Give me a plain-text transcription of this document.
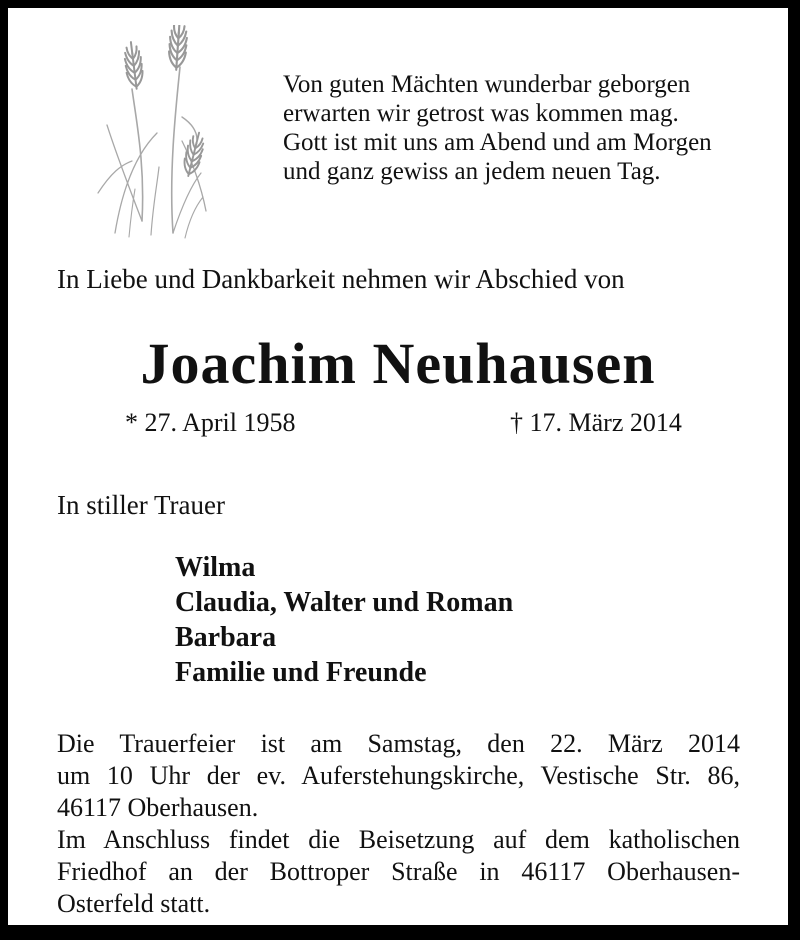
Von guten Mächten wunderbar geborgen
erwarten wir getrost was kommen mag.
Gott ist mit uns am Abend und am Morgen
und ganz gewiss an jedem neuen Tag.
In Liebe und Dankbarkeit nehmen wir Abschied von
Joachim Neuhausen
* 27. April 1958	† 17. März 2014
In stiller Trauer
Wilma
Claudia, Walter und Roman
Barbara
Familie und Freunde
Die Trauerfeier ist am Samstag, den 22. März 2014
um 10 Uhr der ev. Auferstehungskirche, Vestische Str. 86,
46117 Oberhausen.
Im Anschluss findet die Beisetzung auf dem katholischen
Friedhof an der Bottroper Straße in 46117 Oberhausen-
Osterfeld statt.
